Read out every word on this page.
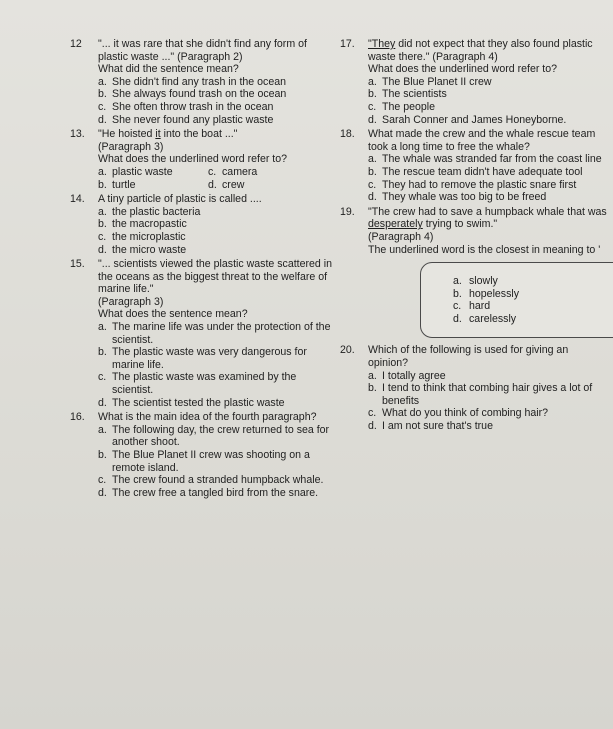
12 "... it was rare that she didn't find any form of plastic waste ..." (Paragraph 2)
What did the sentence mean?
a. She didn't find any trash in the ocean
b. She always found trash on the ocean
c. She often throw trash in the ocean
d. She never found any plastic waste
13. "He hoisted it into the boat ..."
(Paragraph 3)
What does the underlined word refer to?
a. plastic waste	c. camera
b. turtle	d. crew
14. A tiny particle of plastic is called ....
a. the plastic bacteria
b. the macropastic
c. the microplastic
d. the micro waste
15. "... scientists viewed the plastic waste scattered in the oceans as the biggest threat to the welfare of marine life."
(Paragraph 3)
What does the sentence mean?
a. The marine life was under the protection of the scientist.
b. The plastic waste was very dangerous for marine life.
c. The plastic waste was examined by the scientist.
d. The scientist tested the plastic waste
16. What is the main idea of the fourth paragraph?
a. The following day, the crew returned to sea for another shoot.
b. The Blue Planet II crew was shooting on a remote island.
c. The crew found a stranded humpback whale.
d. The crew free a tangled bird from the snare.
17. "They did not expect that they also found plastic waste there." (Paragraph 4)
What does the underlined word refer to?
a. The Blue Planet II crew
b. The scientists
c. The people
d. Sarah Conner and James Honeyborne.
18. What made the crew and the whale rescue team took a long time to free the whale?
a. The whale was stranded far from the coast line
b. The rescue team didn't have adequate tool
c. They had to remove the plastic snare first
d. They whale was too big to be freed
19. "The crew had to save a humpback whale that was desperately trying to swim."
(Paragraph 4)
The underlined word is the closest in meaning to '
a. slowly
b. hopelessly
c. hard
d. carelessly
20. Which of the following is used for giving an opinion?
a. I totally agree
b. I tend to think that combing hair gives a lot of benefits
c. What do you think of combing hair?
d. I am not sure that's true
